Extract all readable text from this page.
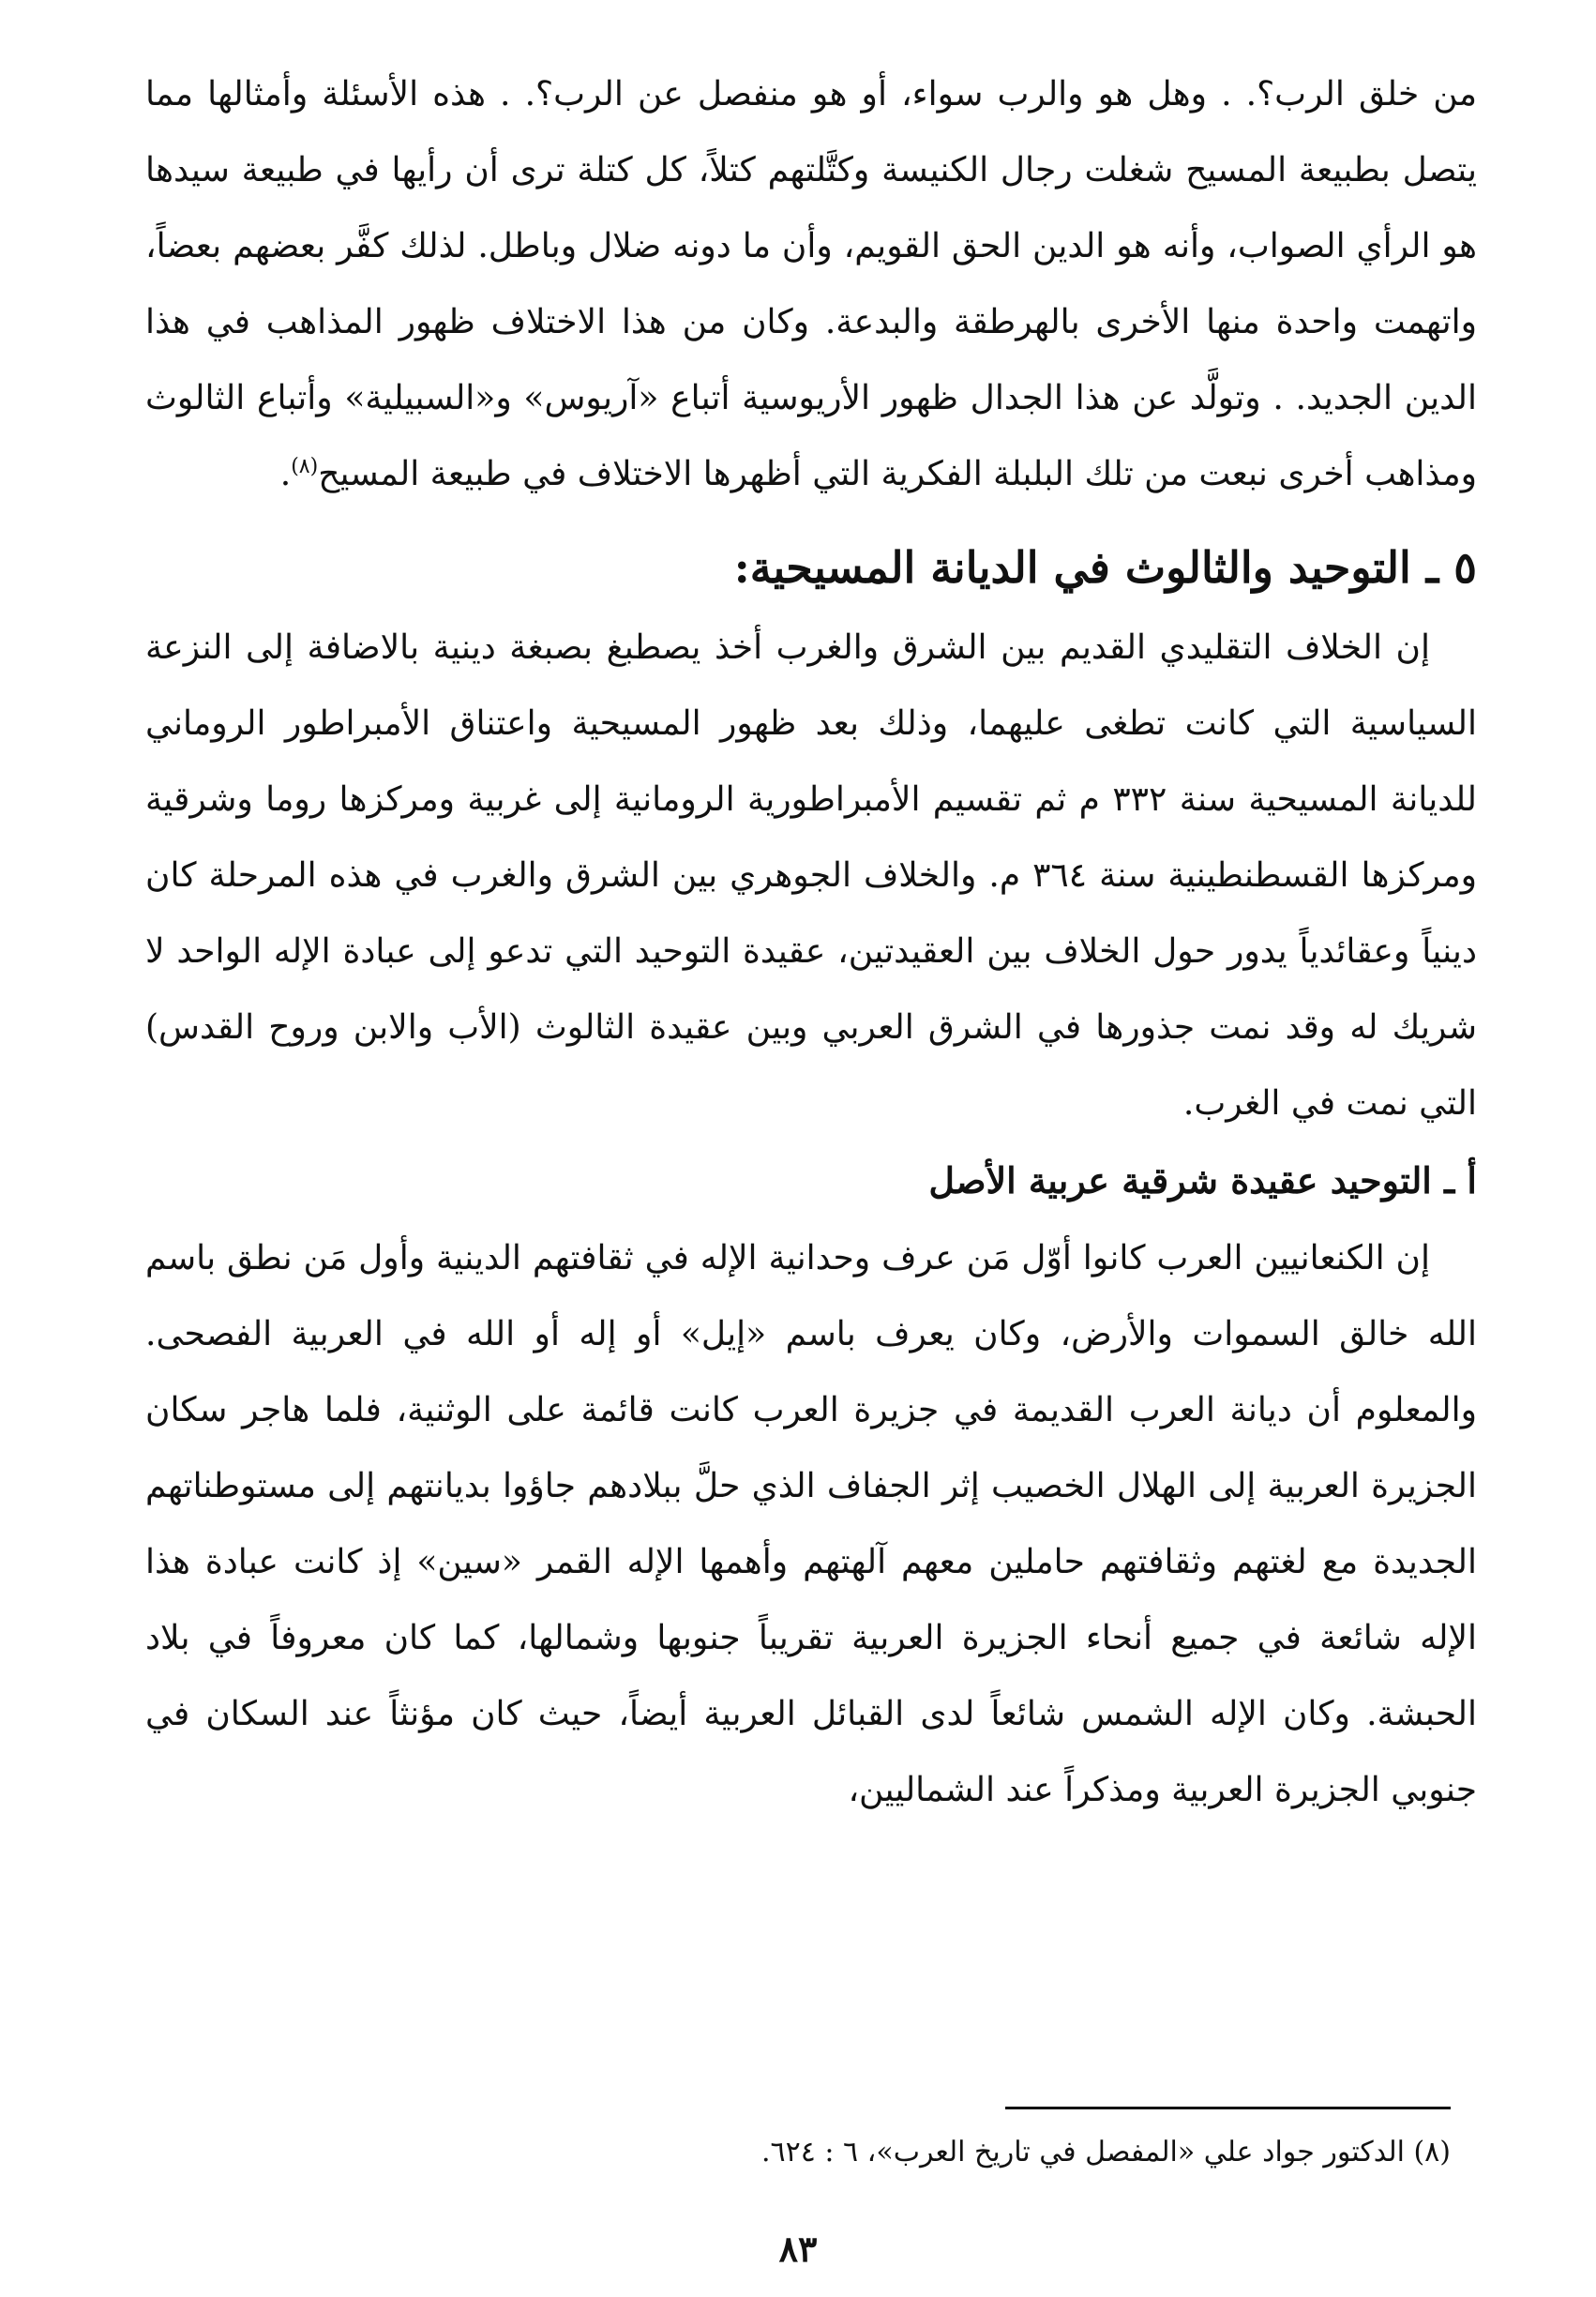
من خلق الرب؟. . وهل هو والرب سواء، أو هو منفصل عن الرب؟. . هذه الأسئلة وأمثالها مما يتصل بطبيعة المسيح شغلت رجال الكنيسة وكتَّلتهم كتلاً، كل كتلة ترى أن رأيها في طبيعة سيدها هو الرأي الصواب، وأنه هو الدين الحق القويم، وأن ما دونه ضلال وباطل. لذلك كفَّر بعضهم بعضاً، واتهمت واحدة منها الأخرى بالهرطقة والبدعة. وكان من هذا الاختلاف ظهور المذاهب في هذا الدين الجديد. . وتولَّد عن هذا الجدال ظهور الأريوسية أتباع «آريوس» و«السبيلية» وأتباع الثالوث ومذاهب أخرى نبعت من تلك البلبلة الفكرية التي أظهرها الاختلاف في طبيعة المسيح$^{(٨)}$.

٥ ـ التوحيد والثالوث في الديانة المسيحية:

إن الخلاف التقليدي القديم بين الشرق والغرب أخذ يصطبغ بصبغة دينية بالاضافة إلى النزعة السياسية التي كانت تطغى عليهما، وذلك بعد ظهور المسيحية واعتناق الأمبراطور الروماني للديانة المسيحية سنة ٣٣٢ م ثم تقسيم الأمبراطورية الرومانية إلى غربية ومركزها روما وشرقية ومركزها القسطنطينية سنة ٣٦٤ م. والخلاف الجوهري بين الشرق والغرب في هذه المرحلة كان دينياً وعقائدياً يدور حول الخلاف بين العقيدتين، عقيدة التوحيد التي تدعو إلى عبادة الإله الواحد لا شريك له وقد نمت جذورها في الشرق العربي وبين عقيدة الثالوث (الأب والابن وروح القدس) التي نمت في الغرب.

أ ـ التوحيد عقيدة شرقية عربية الأصل

إن الكنعانيين العرب كانوا أوّل مَن عرف وحدانية الإله في ثقافتهم الدينية وأول مَن نطق باسم الله خالق السموات والأرض، وكان يعرف باسم «إيل» أو إله أو الله في العربية الفصحى. والمعلوم أن ديانة العرب القديمة في جزيرة العرب كانت قائمة على الوثنية، فلما هاجر سكان الجزيرة العربية إلى الهلال الخصيب إثر الجفاف الذي حلَّ ببلادهم جاؤوا بديانتهم إلى مستوطناتهم الجديدة مع لغتهم وثقافتهم حاملين معهم آلهتهم وأهمها الإله القمر «سين» إذ كانت عبادة هذا الإله شائعة في جميع أنحاء الجزيرة العربية تقريباً جنوبها وشمالها، كما كان معروفاً في بلاد الحبشة. وكان الإله الشمس شائعاً لدى القبائل العربية أيضاً، حيث كان مؤنثاً عند السكان في جنوبي الجزيرة العربية ومذكراً عند الشماليين،

(٨) الدكتور جواد علي «المفصل في تاريخ العرب»، ٦ : ٦٢٤.
٨٣
